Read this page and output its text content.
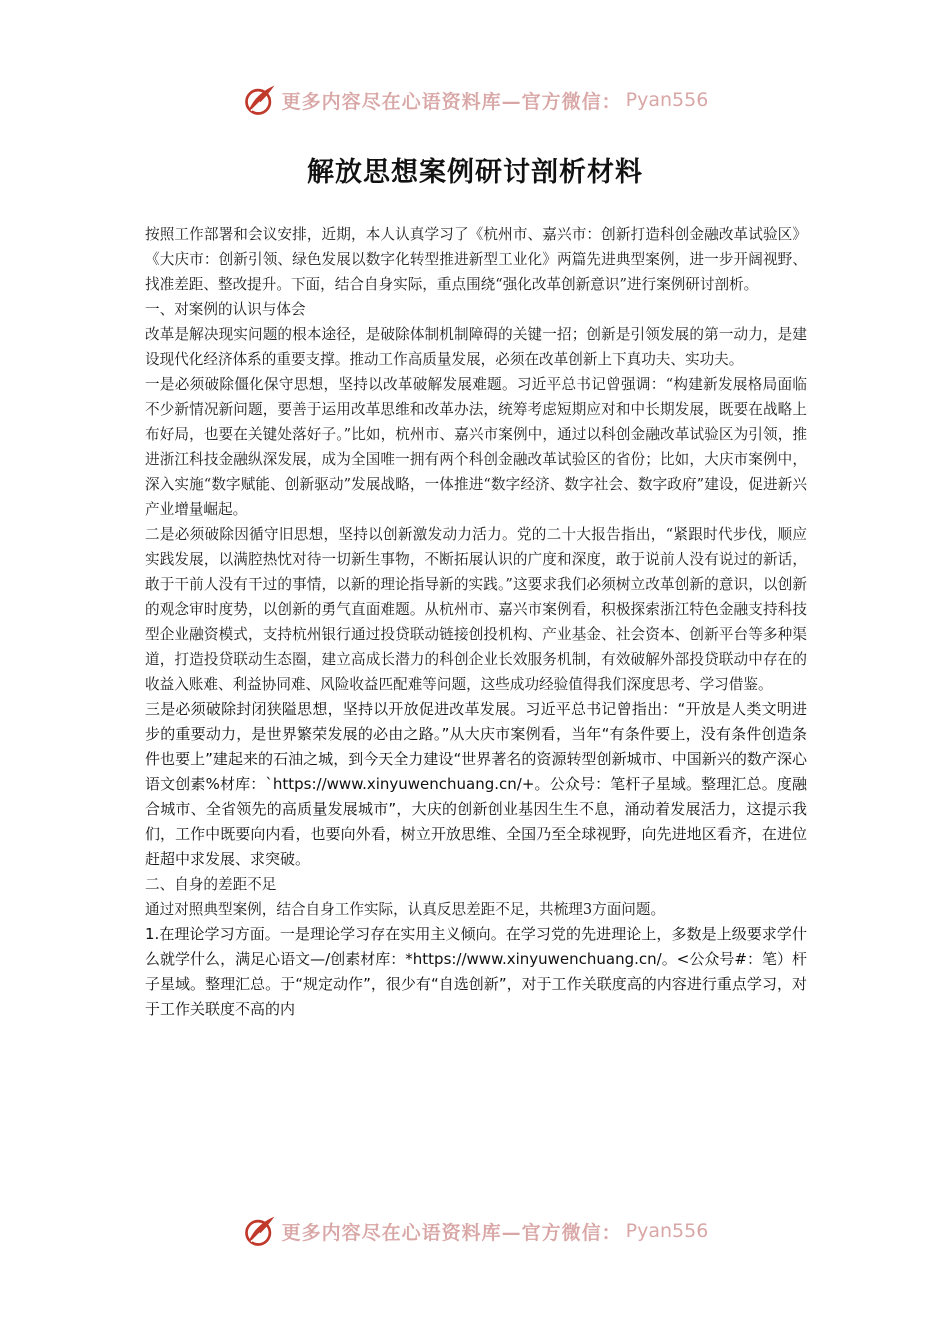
更多内容尽在心语资料库—官方微信： Pyan556
解放思想案例研讨剖析材料

按照工作部署和会议安排，近期，本人认真学习了《杭州市、嘉兴市：创新打造科创金融改革试验区》《大庆市：创新引领、绿色发展以数字化转型推进新型工业化》两篇先进典型案例，进一步开阔视野、找准差距、整改提升。下面，结合自身实际，重点围绕“强化改革创新意识”进行案例研讨剖析。

一、对案例的认识与体会

改革是解决现实问题的根本途径，是破除体制机制障碍的关键一招；创新是引领发展的第一动力，是建设现代化经济体系的重要支撑。推动工作高质量发展，必须在改革创新上下真功夫、实功夫。

一是必须破除僵化保守思想，坚持以改革破解发展难题。习近平总书记曾强调：“构建新发展格局面临不少新情况新问题，要善于运用改革思维和改革办法，统筹考虑短期应对和中长期发展，既要在战略上布好局，也要在关键处落好子。”比如，杭州市、嘉兴市案例中，通过以科创金融改革试验区为引领，推进浙江科技金融纵深发展，成为全国唯一拥有两个科创金融改革试验区的省份；比如，大庆市案例中，深入实施“数字赋能、创新驱动”发展战略，一体推进“数字经济、数字社会、数字政府”建设，促进新兴产业增量崛起。

二是必须破除因循守旧思想，坚持以创新激发动力活力。党的二十大报告指出，“紧跟时代步伐，顺应实践发展，以满腔热忱对待一切新生事物，不断拓展认识的广度和深度，敢于说前人没有说过的新话，敢于干前人没有干过的事情，以新的理论指导新的实践。”这要求我们必须树立改革创新的意识，以创新的观念审时度势，以创新的勇气直面难题。从杭州市、嘉兴市案例看，积极探索浙江特色金融支持科技型企业融资模式，支持杭州银行通过投贷联动链接创投机构、产业基金、社会资本、创新平台等多种渠道，打造投贷联动生态圈，建立高成长潜力的科创企业长效服务机制，有效破解外部投贷联动中存在的收益入账难、利益协同难、风险收益匹配难等问题，这些成功经验值得我们深度思考、学习借鉴。

三是必须破除封闭狭隘思想，坚持以开放促进改革发展。习近平总书记曾指出：“开放是人类文明进步的重要动力，是世界繁荣发展的必由之路。”从大庆市案例看，当年“有条件要上，没有条件创造条件也要上”建起来的石油之城，到今天全力建设“世界著名的资源转型创新城市、中国新兴的数产深心语文创素%材库：`https://www.xinyuwenchuang.cn/+。公众号：笔杆子星域。整理汇总。度融合城市、全省领先的高质量发展城市”，大庆的创新创业基因生生不息，涌动着发展活力，这提示我们，工作中既要向内看，也要向外看，树立开放思维、全国乃至全球视野，向先进地区看齐，在进位赶超中求发展、求突破。

二、自身的差距不足

通过对照典型案例，结合自身工作实际，认真反思差距不足，共梳理3方面问题。

1.在理论学习方面。一是理论学习存在实用主义倾向。在学习党的先进理论上，多数是上级要求学什么就学什么，满足心语文—/创素材库：*https://www.xinyuwenchuang.cn/。<公众号#：笔）杆子星域。整理汇总。于“规定动作”，很少有“自选创新”，对于工作关联度高的内容进行重点学习，对于工作关联度不高的内

更多内容尽在心语资料库—官方微信： Pyan556
